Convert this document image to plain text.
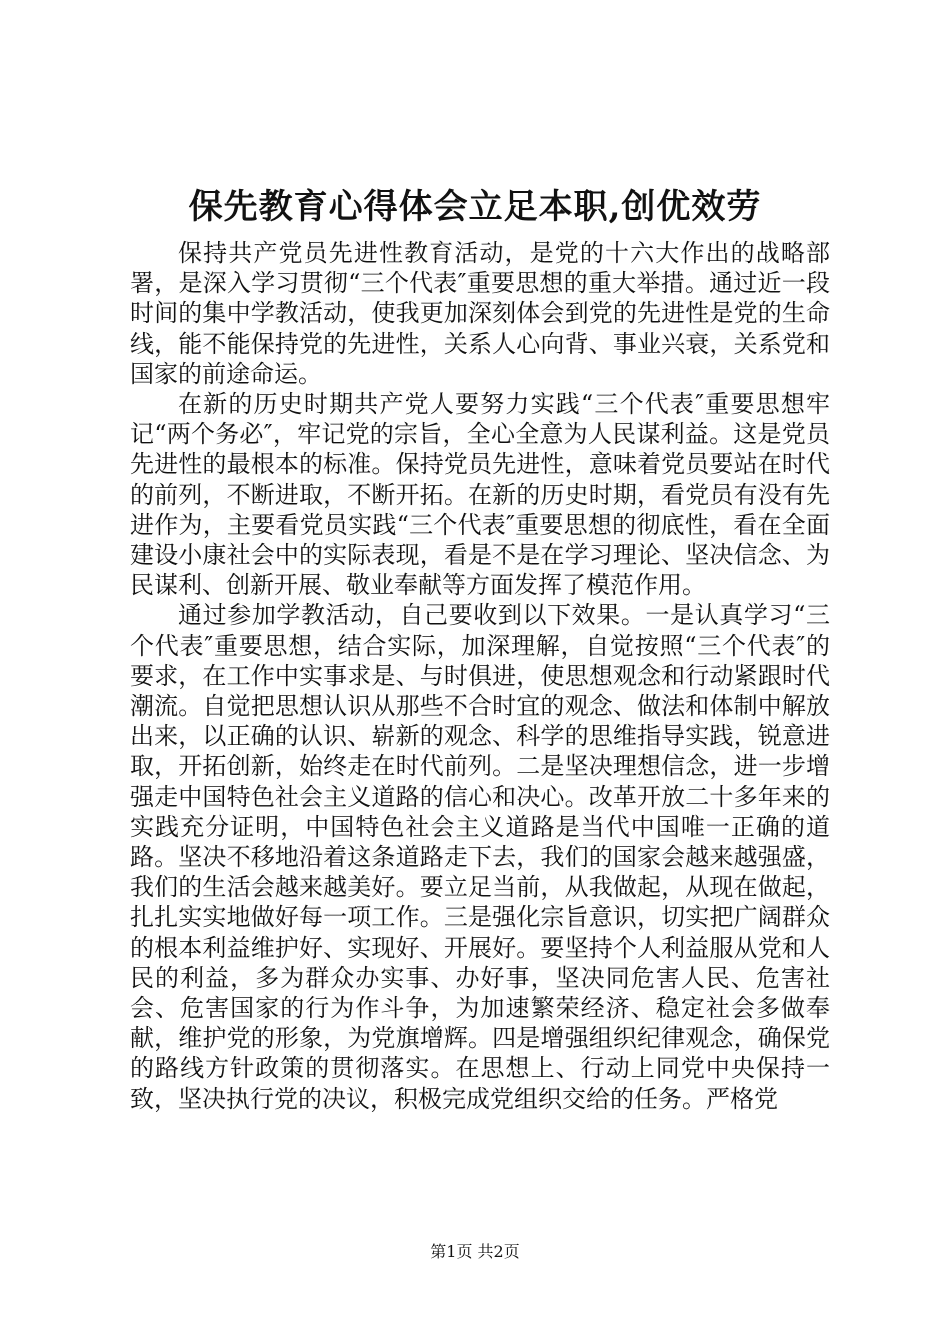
保先教育心得体会立足本职,创优效劳

保持共产党员先进性教育活动，是党的十六大作出的战略部署，是深入学习贯彻“三个代表″重要思想的重大举措。通过近一段时间的集中学教活动，使我更加深刻体会到党的先进性是党的生命线，能不能保持党的先进性，关系人心向背、事业兴衰，关系党和国家的前途命运。

在新的历史时期共产党人要努力实践“三个代表″重要思想牢记“两个务必″，牢记党的宗旨，全心全意为人民谋利益。这是党员先进性的最根本的标准。保持党员先进性，意味着党员要站在时代的前列，不断进取，不断开拓。在新的历史时期，看党员有没有先进作为，主要看党员实践“三个代表″重要思想的彻底性，看在全面建设小康社会中的实际表现，看是不是在学习理论、坚决信念、为民谋利、创新开展、敬业奉献等方面发挥了模范作用。

通过参加学教活动，自己要收到以下效果。一是认真学习“三个代表″重要思想，结合实际，加深理解，自觉按照“三个代表″的要求，在工作中实事求是、与时俱进，使思想观念和行动紧跟时代潮流。自觉把思想认识从那些不合时宜的观念、做法和体制中解放出来，以正确的认识、崭新的观念、科学的思维指导实践，锐意进取，开拓创新，始终走在时代前列。二是坚决理想信念，进一步增强走中国特色社会主义道路的信心和决心。改革开放二十多年来的实践充分证明，中国特色社会主义道路是当代中国唯一正确的道路。坚决不移地沿着这条道路走下去，我们的国家会越来越强盛，我们的生活会越来越美好。要立足当前，从我做起，从现在做起，扎扎实实地做好每一项工作。三是强化宗旨意识，切实把广阔群众的根本利益维护好、实现好、开展好。要坚持个人利益服从党和人民的利益，多为群众办实事、办好事，坚决同危害人民、危害社会、危害国家的行为作斗争，为加速繁荣经济、稳定社会多做奉献，维护党的形象，为党旗增辉。四是增强组织纪律观念，确保党的路线方针政策的贯彻落实。在思想上、行动上同党中央保持一致，坚决执行党的决议，积极完成党组织交给的任务。严格党

第1页 共2页
